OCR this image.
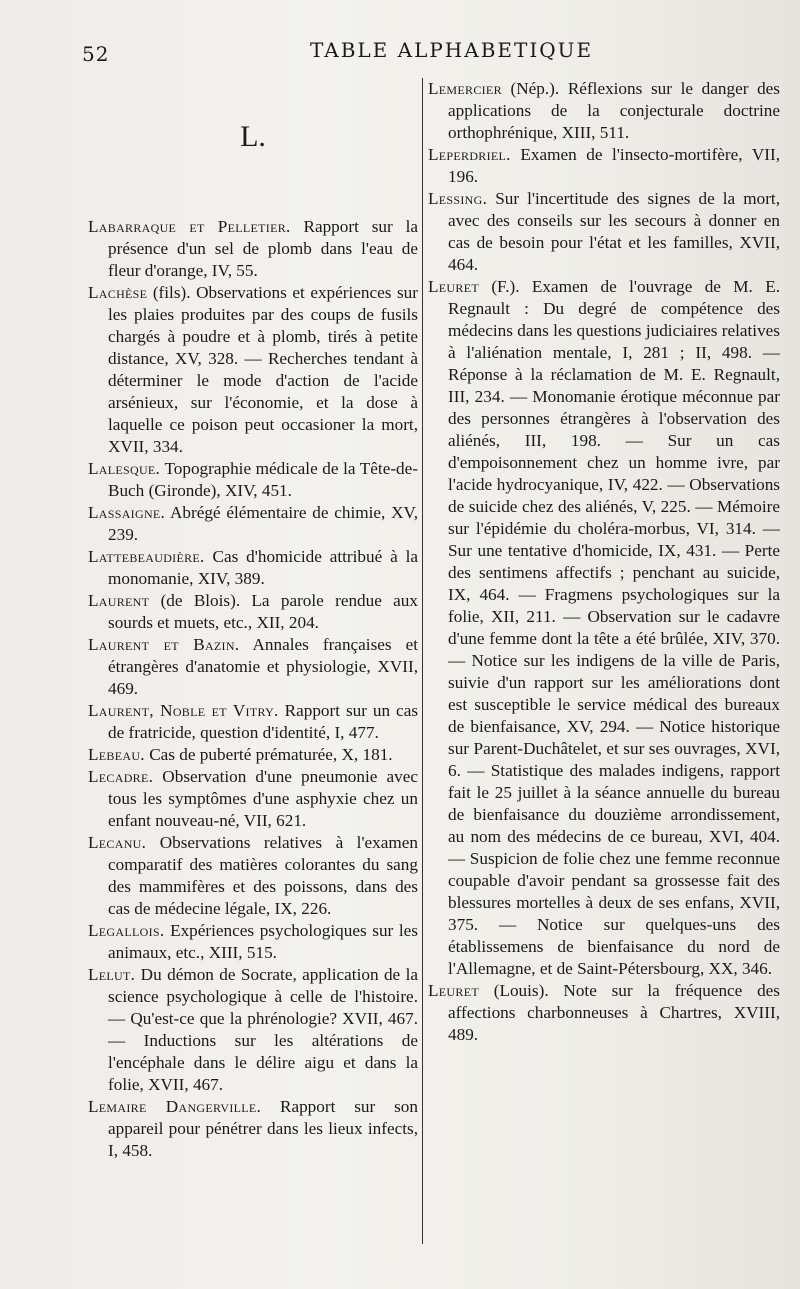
52	TABLE ALPHABETIQUE
L.
Labarraque et Pelletier. Rapport sur la présence d'un sel de plomb dans l'eau de fleur d'orange, IV, 55.
Lachèse (fils). Observations et expériences sur les plaies produites par des coups de fusils chargés à poudre et à plomb, tirés à petite distance, XV, 328. — Recherches tendant à déterminer le mode d'action de l'acide arsénieux, sur l'économie, et la dose à laquelle ce poison peut occasioner la mort, XVII, 334.
Lalesque. Topographie médicale de la Tête-de-Buch (Gironde), XIV, 451.
Lassaigne. Abrégé élémentaire de chimie, XV, 239.
Lattebeaudière. Cas d'homicide attribué à la monomanie, XIV, 389.
Laurent (de Blois). La parole rendue aux sourds et muets, etc., XII, 204.
Laurent et Bazin. Annales françaises et étrangères d'anatomie et physiologie, XVII, 469.
Laurent, Noble et Vitry. Rapport sur un cas de fratricide, question d'identité, I, 477.
Lebeau. Cas de puberté prématurée, X, 181.
Lecadre. Observation d'une pneumonie avec tous les symptômes d'une asphyxie chez un enfant nouveau-né, VII, 621.
Lecanu. Observations relatives à l'examen comparatif des matières colorantes du sang des mammifères et des poissons, dans des cas de médecine légale, IX, 226.
Legallois. Expériences psychologiques sur les animaux, etc., XIII, 515.
Lelut. Du démon de Socrate, application de la science psychologique à celle de l'histoire. — Qu'est-ce que la phrénologie? XVII, 467. — Inductions sur les altérations de l'encéphale dans le délire aigu et dans la folie, XVII, 467.
Lemaire Dangerville. Rapport sur son appareil pour pénétrer dans les lieux infects, I, 458.
Lemercier (Nép.). Réflexions sur le danger des applications de la conjecturale doctrine orthophrénique, XIII, 511.
Leperdriel. Examen de l'insecto-mortifère, VII, 196.
Lessing. Sur l'incertitude des signes de la mort, avec des conseils sur les secours à donner en cas de besoin pour l'état et les familles, XVII, 464.
Leuret (F.). Examen de l'ouvrage de M. E. Regnault : Du degré de compétence des médecins dans les questions judiciaires relatives à l'aliénation mentale, I, 281 ; II, 498. — Réponse à la réclamation de M. E. Regnault, III, 234. — Monomanie érotique méconnue par des personnes étrangères à l'observation des aliénés, III, 198. — Sur un cas d'empoisonnement chez un homme ivre, par l'acide hydrocyanique, IV, 422. — Observations de suicide chez des aliénés, V, 225. — Mémoire sur l'épidémie du choléra-morbus, VI, 314. — Sur une tentative d'homicide, IX, 431. — Perte des sentimens affectifs ; penchant au suicide, IX, 464. — Fragmens psychologiques sur la folie, XII, 211. — Observation sur le cadavre d'une femme dont la tête a été brûlée, XIV, 370. — Notice sur les indigens de la ville de Paris, suivie d'un rapport sur les améliorations dont est susceptible le service médical des bureaux de bienfaisance, XV, 294. — Notice historique sur Parent-Duchâtelet, et sur ses ouvrages, XVI, 6. — Statistique des malades indigens, rapport fait le 25 juillet à la séance annuelle du bureau de bienfaisance du douzième arrondissement, au nom des médecins de ce bureau, XVI, 404. — Suspicion de folie chez une femme reconnue coupable d'avoir pendant sa grossesse fait des blessures mortelles à deux de ses enfans, XVII, 375. — Notice sur quelques-uns des établissemens de bienfaisance du nord de l'Allemagne, et de Saint-Pétersbourg, XX, 346.
Leuret (Louis). Note sur la fréquence des affections charbonneuses à Chartres, XVIII, 489.
